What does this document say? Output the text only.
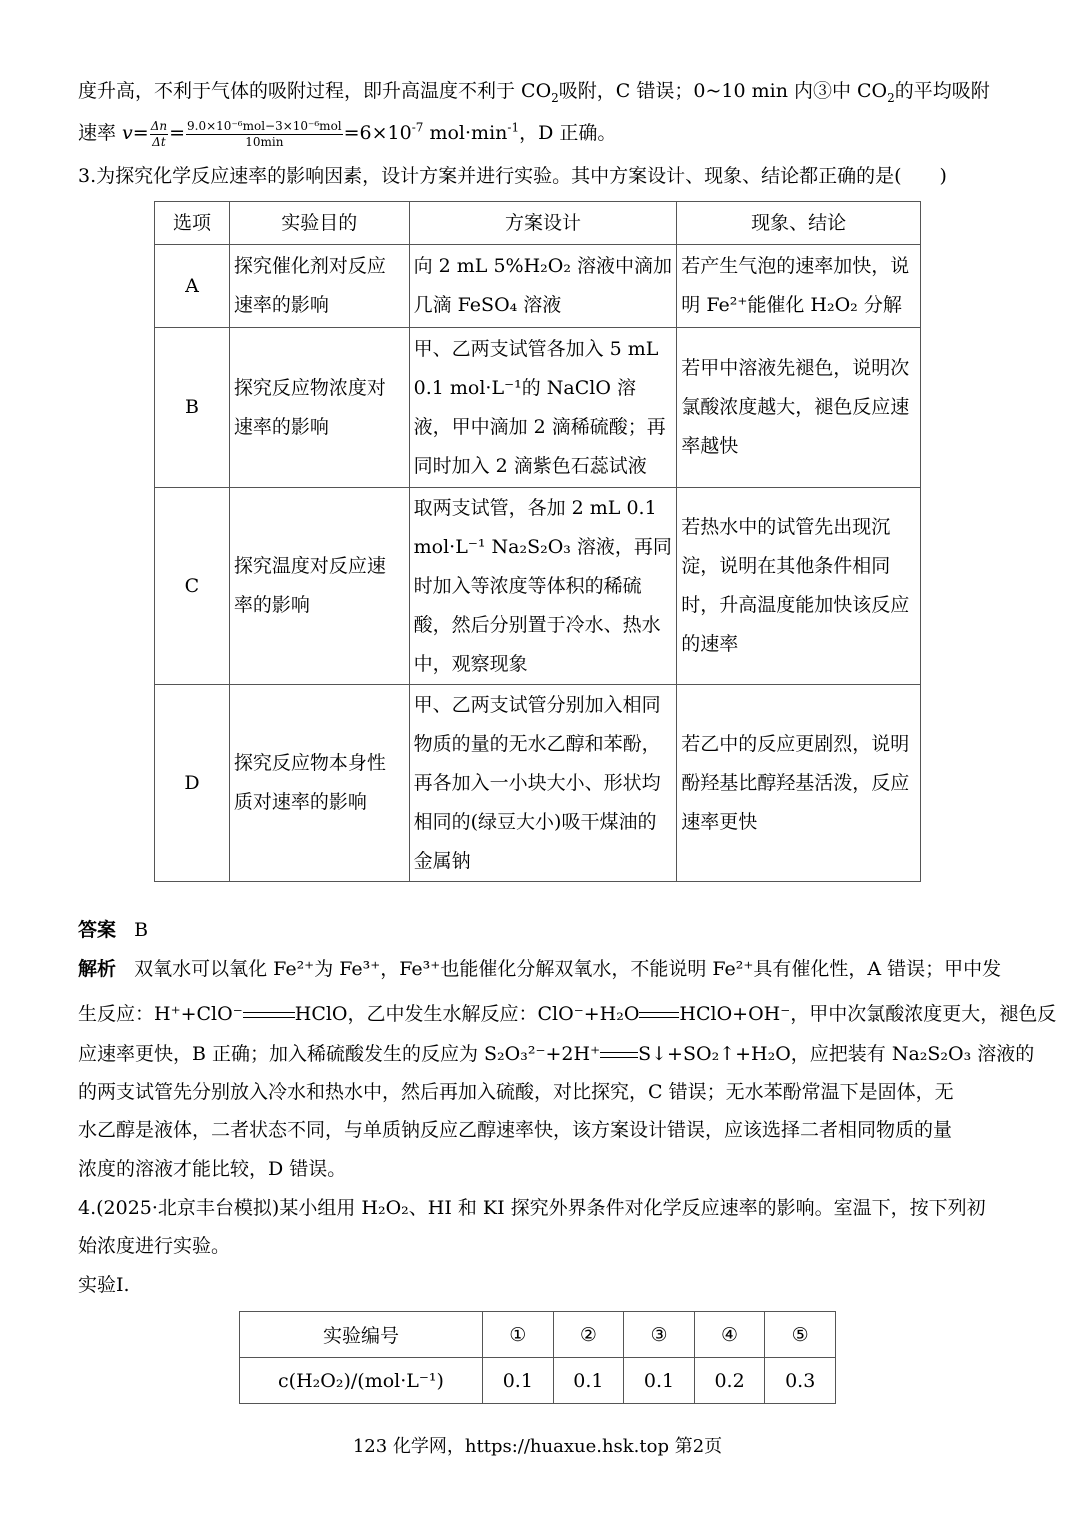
度升高，不利于气体的吸附过程，即升高温度不利于 $CO_2$吸附，C 错误；0~10 min 内③中 $CO_2$的平均吸附
速率 $v= \frac{\Delta n}{\Delta t} = \frac{\text{9.0×10⁻⁶mol−3×10⁻⁶mol}}{10\min} =6\times 10^{-7}$ $mol\cdot\min^{-1}$，D 正确。
3.为探究化学反应速率的影响因素，设计方案并进行实验。其中方案设计、现象、结论都正确的是(　　)
选项	实验目的	方案设计	现象、结论
A	探究催化剂对反应速率的影响	向 2 mL 5%H₂O₂ 溶液中滴加几滴 FeSO₄ 溶液	若产生气泡的速率加快，说明 Fe²⁺能催化 H₂O₂ 分解
B	探究反应物浓度对速率的影响	甲、乙两支试管各加入 5 mL 0.1 mol·L⁻¹的 NaClO 溶液，甲中滴加 2 滴稀硫酸；再同时加入 2 滴紫色石蕊试液	若甲中溶液先褪色，说明次氯酸浓度越大，褪色反应速率越快
C	探究温度对反应速率的影响	取两支试管，各加 2 mL 0.1 mol·L⁻¹ Na₂S₂O₃ 溶液，再同时加入等浓度等体积的稀硫酸，然后分别置于冷水、热水中，观察现象	若热水中的试管先出现沉淀，说明在其他条件相同时，升高温度能加快该反应的速率
D	探究反应物本身性质对速率的影响	甲、乙两支试管分别加入相同物质的量的无水乙醇和苯酚，再各加入一小块大小、形状均相同的(绿豆大小)吸干煤油的金属钠	若乙中的反应更剧烈，说明酚羟基比醇羟基活泼，反应速率更快
答案 B
解析 双氧水可以氧化 Fe²⁺为 Fe³⁺，Fe³⁺也能催化分解双氧水，不能说明 Fe²⁺具有催化性，A 错误；甲中发
生反应：H⁺+ClO⁻	HClO，乙中发生水解反应：ClO⁻+H₂O HClO+OH⁻，甲中次氯酸浓度更大，褪色反
应速率更快，B 正确；加入稀硫酸发生的反应为 S₂O₃²⁻+2H⁺ S↓+SO₂↑+H₂O，应把装有 Na₂S₂O₃ 溶液的
的两支试管先分别放入冷水和热水中，然后再加入硫酸，对比探究，C 错误；无水苯酚常温下是固体，无
水乙醇是液体，二者状态不同，与单质钠反应乙醇速率快，该方案设计错误，应该选择二者相同物质的量
浓度的溶液才能比较，D 错误。
4.(2025·北京丰台模拟)某小组用 H₂O₂、HI 和 KI 探究外界条件对化学反应速率的影响。室温下，按下列初
始浓度进行实验。
实验Ⅰ.
实验编号	①	②	③	④	⑤
c(H₂O₂)/(mol·L⁻¹)	0.1	0.1	0.1	0.2	0.3
123 化学网，https://huaxue.hsk.top 第2页
